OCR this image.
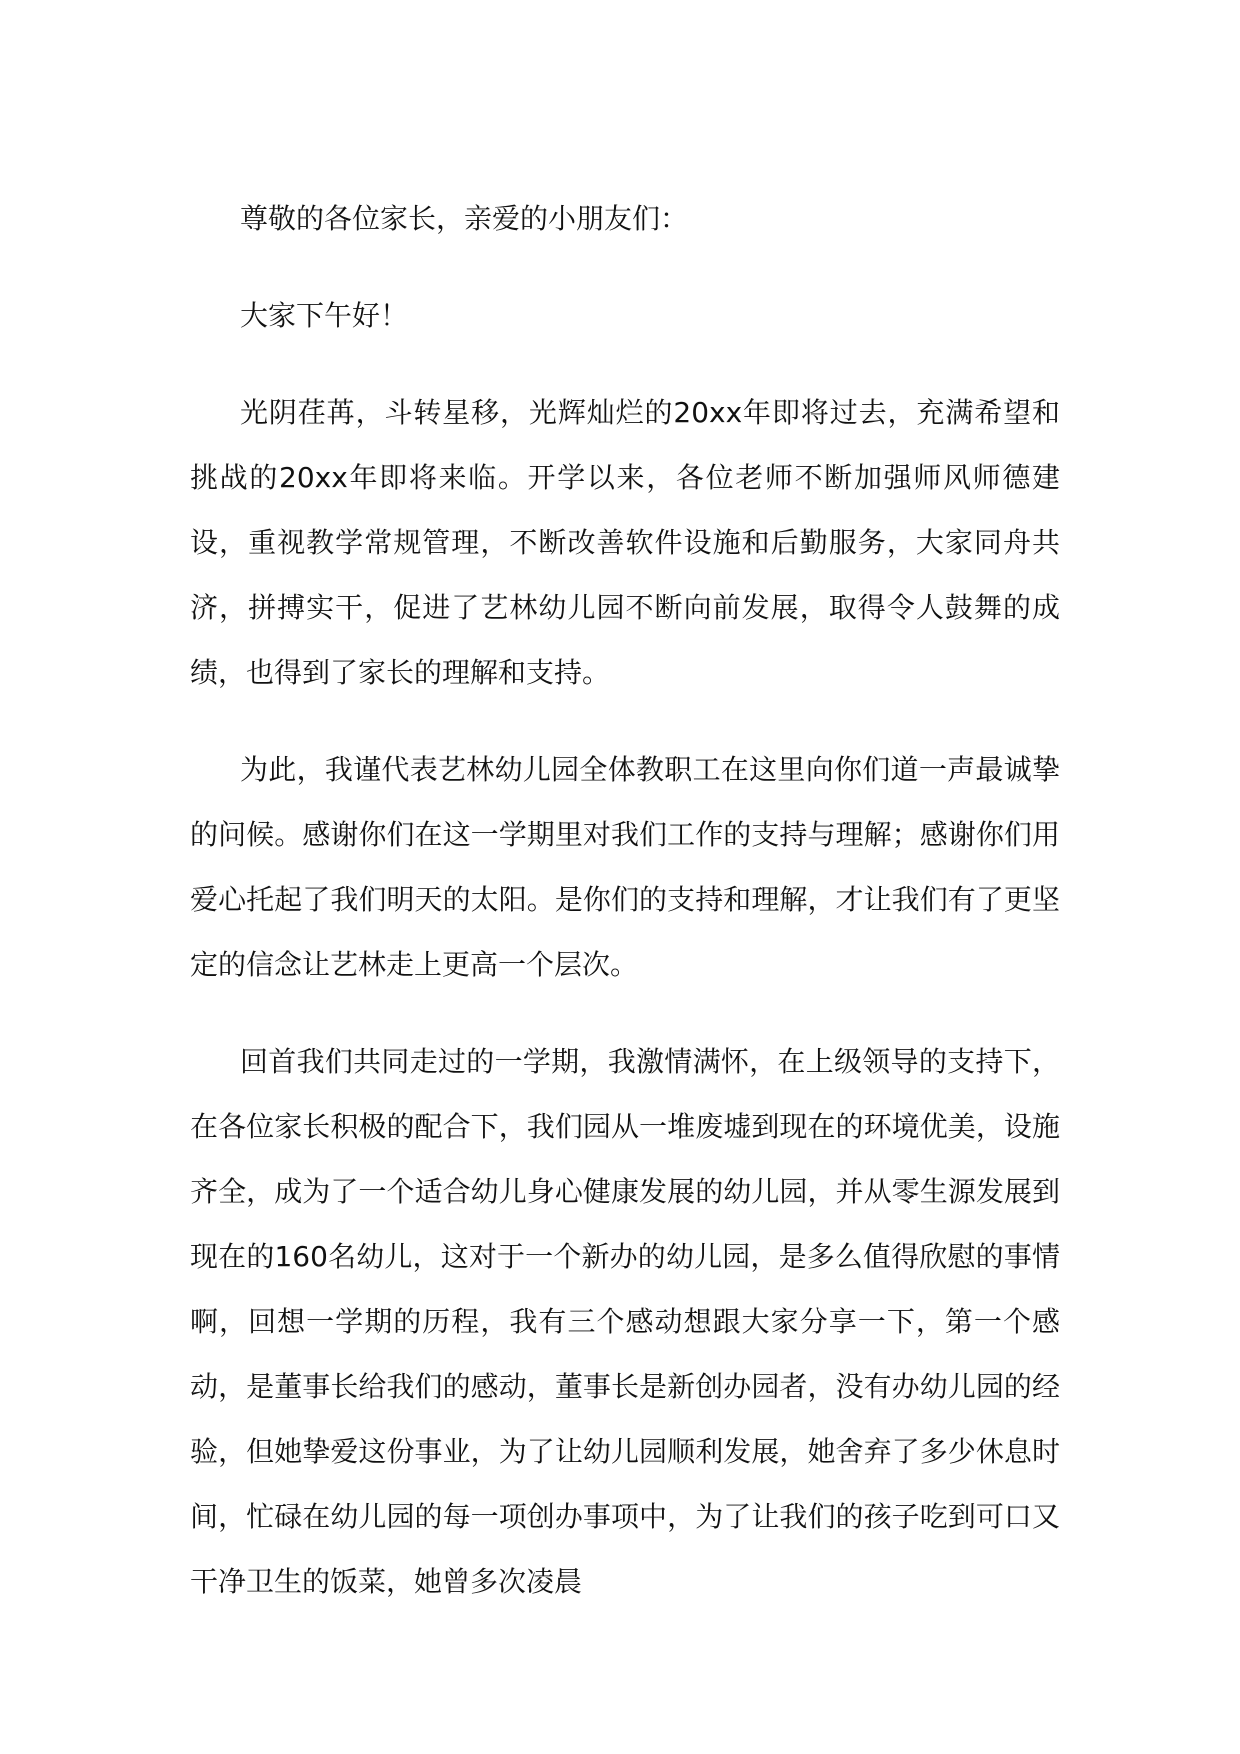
尊敬的各位家长，亲爱的小朋友们：

大家下午好！

光阴荏苒，斗转星移，光辉灿烂的20xx年即将过去，充满希望和挑战的20xx年即将来临。开学以来，各位老师不断加强师风师德建设，重视教学常规管理，不断改善软件设施和后勤服务，大家同舟共济，拼搏实干，促进了艺林幼儿园不断向前发展，取得令人鼓舞的成绩，也得到了家长的理解和支持。

为此，我谨代表艺林幼儿园全体教职工在这里向你们道一声最诚挚的问候。感谢你们在这一学期里对我们工作的支持与理解；感谢你们用爱心托起了我们明天的太阳。是你们的支持和理解，才让我们有了更坚定的信念让艺林走上更高一个层次。

回首我们共同走过的一学期，我激情满怀，在上级领导的支持下，在各位家长积极的配合下，我们园从一堆废墟到现在的环境优美，设施齐全，成为了一个适合幼儿身心健康发展的幼儿园，并从零生源发展到现在的160名幼儿，这对于一个新办的幼儿园，是多么值得欣慰的事情啊，回想一学期的历程，我有三个感动想跟大家分享一下，第一个感动，是董事长给我们的感动，董事长是新创办园者，没有办幼儿园的经验，但她挚爱这份事业，为了让幼儿园顺利发展，她舍弃了多少休息时间，忙碌在幼儿园的每一项创办事项中，为了让我们的孩子吃到可口又干净卫生的饭菜，她曾多次凌晨
